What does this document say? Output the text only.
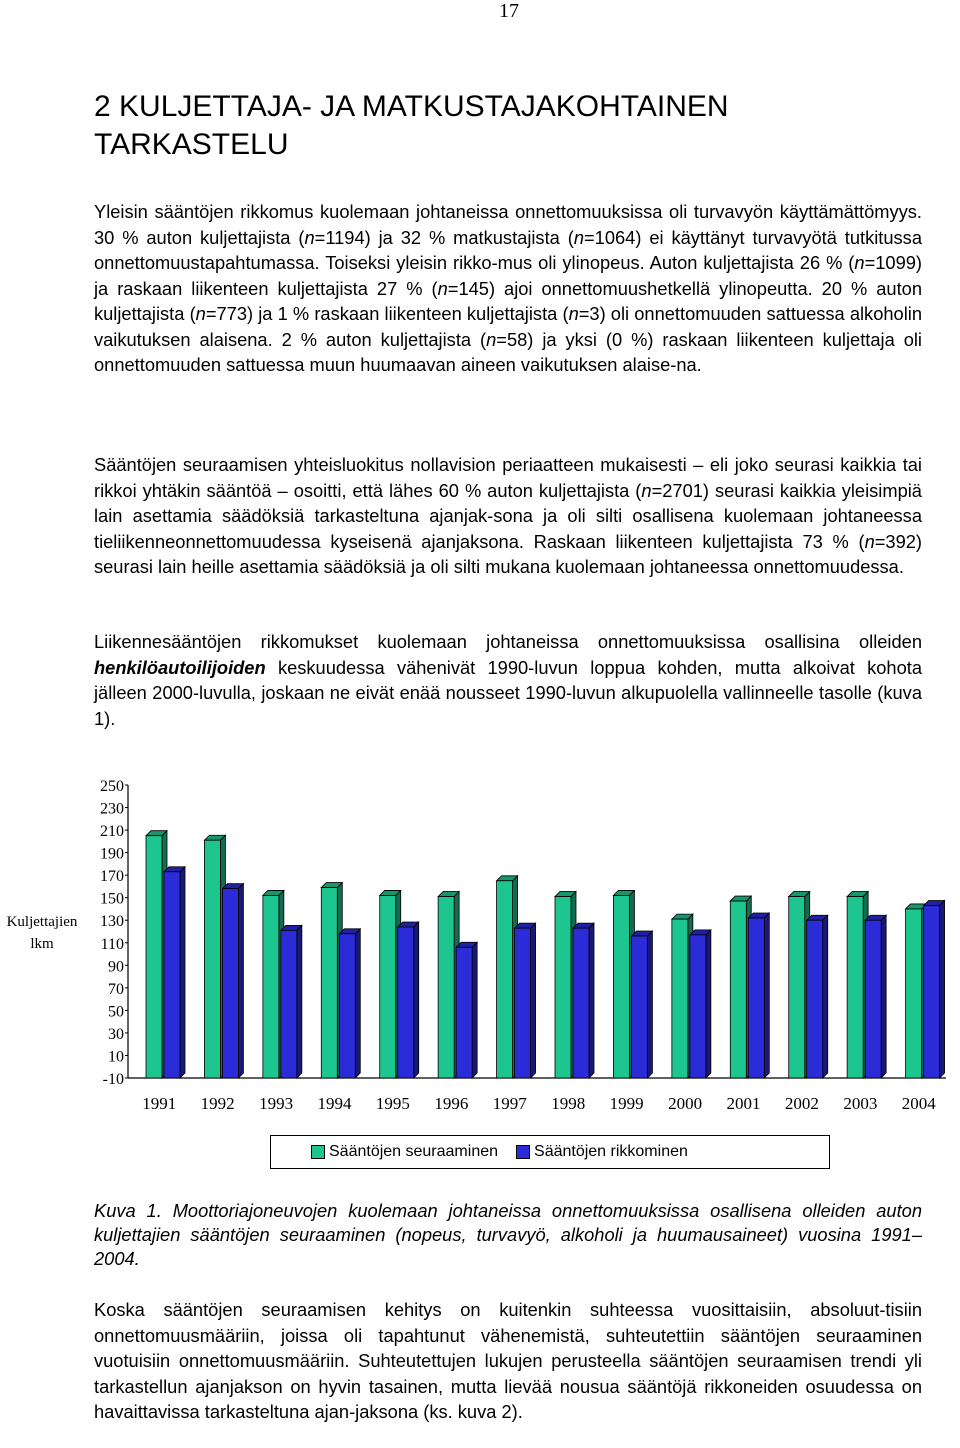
17
2 KULJETTAJA- JA MATKUSTAJAKOHTAINEN
TARKASTELU

Yleisin sääntöjen rikkomus kuolemaan johtaneissa onnettomuuksissa oli turvavyön käyttämättömyys. 30 % auton kuljettajista (n=1194) ja 32 % matkustajista (n=1064) ei käyttänyt turvavyötä tutkitussa onnettomuustapahtumassa. Toiseksi yleisin rikko-mus oli ylinopeus. Auton kuljettajista 26 % (n=1099) ja raskaan liikenteen kuljettajista 27 % (n=145) ajoi onnettomuushetkellä ylinopeutta. 20 % auton kuljettajista (n=773) ja 1 % raskaan liikenteen kuljettajista (n=3) oli onnettomuuden sattuessa alkoholin vaikutuksen alaisena. 2 % auton kuljettajista (n=58) ja yksi (0 %) raskaan liikenteen kuljettaja oli onnettomuuden sattuessa muun huumaavan aineen vaikutuksen alaise-na.

Sääntöjen seuraamisen yhteisluokitus nollavision periaatteen mukaisesti – eli joko seurasi kaikkia tai rikkoi yhtäkin sääntöä – osoitti, että lähes 60 % auton kuljettajista (n=2701) seurasi kaikkia yleisimpiä lain asettamia säädöksiä tarkasteltuna ajanjak-sona ja oli silti osallisena kuolemaan johtaneessa tieliikenneonnettomuudessa kyseisenä ajanjaksona. Raskaan liikenteen kuljettajista 73 % (n=392) seurasi lain heille asettamia säädöksiä ja oli silti mukana kuolemaan johtaneessa onnettomuudessa.

Liikennesääntöjen rikkomukset kuolemaan johtaneissa onnettomuuksissa osallisina olleiden henkilöautoilijoiden keskuudessa vähenivät 1990-luvun loppua kohden, mutta alkoivat kohota jälleen 2000-luvulla, joskaan ne eivät enää nousseet 1990-luvun alkupuolella vallinneelle tasolle (kuva 1).

Kuljettajien
lkm
250
230
210
190
170
150
130
110
90
70
50
30
10
-10
1991 1992 1993 1994 1995 1996 1997 1998 1999 2000 2001 2002 2003 2004
Sääntöjen seuraaminen Sääntöjen rikkominen

Kuva 1. Moottoriajoneuvojen kuolemaan johtaneissa onnettomuuksissa osallisena olleiden auton kuljettajien sääntöjen seuraaminen (nopeus, turvavyö, alkoholi ja huumausaineet) vuosina 1991–2004.

Koska sääntöjen seuraamisen kehitys on kuitenkin suhteessa vuosittaisiin, absoluut-tisiin onnettomuusmääriin, joissa oli tapahtunut vähenemistä, suhteutettiin sääntöjen seuraaminen vuotuisiin onnettomuusmääriin. Suhteutettujen lukujen perusteella sääntöjen seuraamisen trendi yli tarkastellun ajanjakson on hyvin tasainen, mutta lievää nousua sääntöjä rikkoneiden osuudessa on havaittavissa tarkasteltuna ajan-jaksona (ks. kuva 2).
